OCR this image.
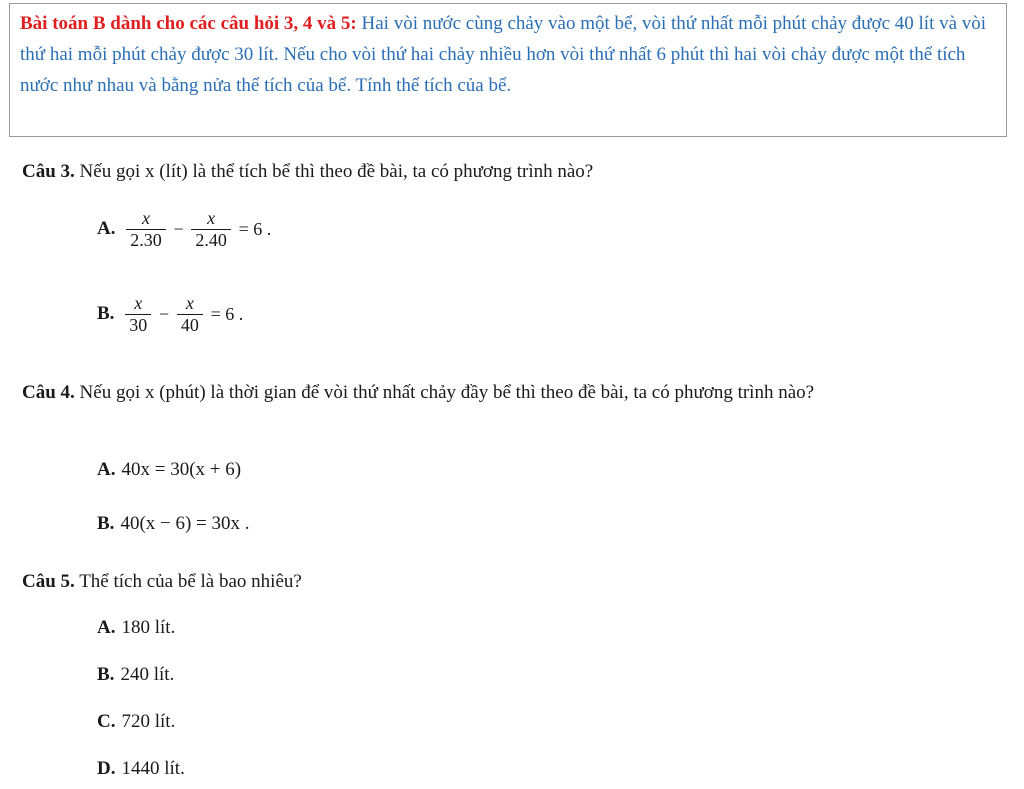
Bài toán B dành cho các câu hỏi 3, 4 và 5: Hai vòi nước cùng chảy vào một bể, vòi thứ nhất mỗi phút chảy được 40 lít và vòi thứ hai mỗi phút chảy được 30 lít. Nếu cho vòi thứ hai chảy nhiều hơn vòi thứ nhất 6 phút thì hai vòi chảy được một thể tích nước như nhau và bằng nửa thể tích của bể. Tính thể tích của bể.
Câu 3. Nếu gọi x (lít) là thể tích bể thì theo đề bài, ta có phương trình nào?
A. $\frac{x}{2.30} - \frac{x}{2.40} = 6$ .
B. $\frac{x}{30} - \frac{x}{40} = 6$ .
Câu 4. Nếu gọi x (phút) là thời gian để vòi thứ nhất chảy đầy bể thì theo đề bài, ta có phương trình nào?
A. 40x = 30(x + 6)
B. 40(x − 6) = 30x .
Câu 5. Thể tích của bể là bao nhiêu?
A. 180 lít.
B. 240 lít.
C. 720 lít.
D. 1440 lít.
